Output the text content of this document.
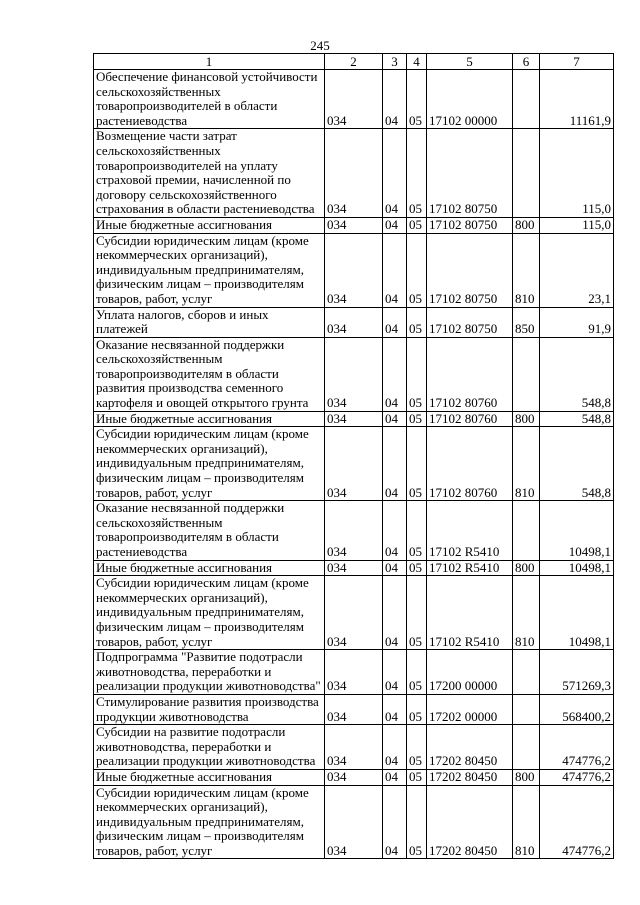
245
1	2	3	4	5	6	7
Обеспечение финансовой устойчивости сельскохозяйственных товаропроизводителей в области растениеводства	034	04	05	17102 00000		11161,9
Возмещение части затрат сельскохозяйственных товаропроизводителей на уплату страховой премии, начисленной по договору сельскохозяйственного страхования в области растениеводства	034	04	05	17102 80750		115,0
Иные бюджетные ассигнования	034	04	05	17102 80750	800	115,0
Субсидии юридическим лицам (кроме некоммерческих организаций), индивидуальным предпринимателям, физическим лицам – производителям товаров, работ, услуг	034	04	05	17102 80750	810	23,1
Уплата налогов, сборов и иных платежей	034	04	05	17102 80750	850	91,9
Оказание несвязанной поддержки сельскохозяйственным товаропроизводителям в области развития производства семенного картофеля и овощей открытого грунта	034	04	05	17102 80760		548,8
Иные бюджетные ассигнования	034	04	05	17102 80760	800	548,8
Субсидии юридическим лицам (кроме некоммерческих организаций), индивидуальным предпринимателям, физическим лицам – производителям товаров, работ, услуг	034	04	05	17102 80760	810	548,8
Оказание несвязанной поддержки сельскохозяйственным товаропроизводителям в области растениеводства	034	04	05	17102 R5410		10498,1
Иные бюджетные ассигнования	034	04	05	17102 R5410	800	10498,1
Субсидии юридическим лицам (кроме некоммерческих организаций), индивидуальным предпринимателям, физическим лицам – производителям товаров, работ, услуг	034	04	05	17102 R5410	810	10498,1
Подпрограмма "Развитие подотрасли животноводства, переработки и реализации продукции животноводства"	034	04	05	17200 00000		571269,3
Стимулирование развития производства продукции животноводства	034	04	05	17202 00000		568400,2
Субсидии на развитие подотрасли животноводства, переработки и реализации продукции животноводства	034	04	05	17202 80450		474776,2
Иные бюджетные ассигнования	034	04	05	17202 80450	800	474776,2
Субсидии юридическим лицам (кроме некоммерческих организаций), индивидуальным предпринимателям, физическим лицам – производителям товаров, работ, услуг	034	04	05	17202 80450	810	474776,2
